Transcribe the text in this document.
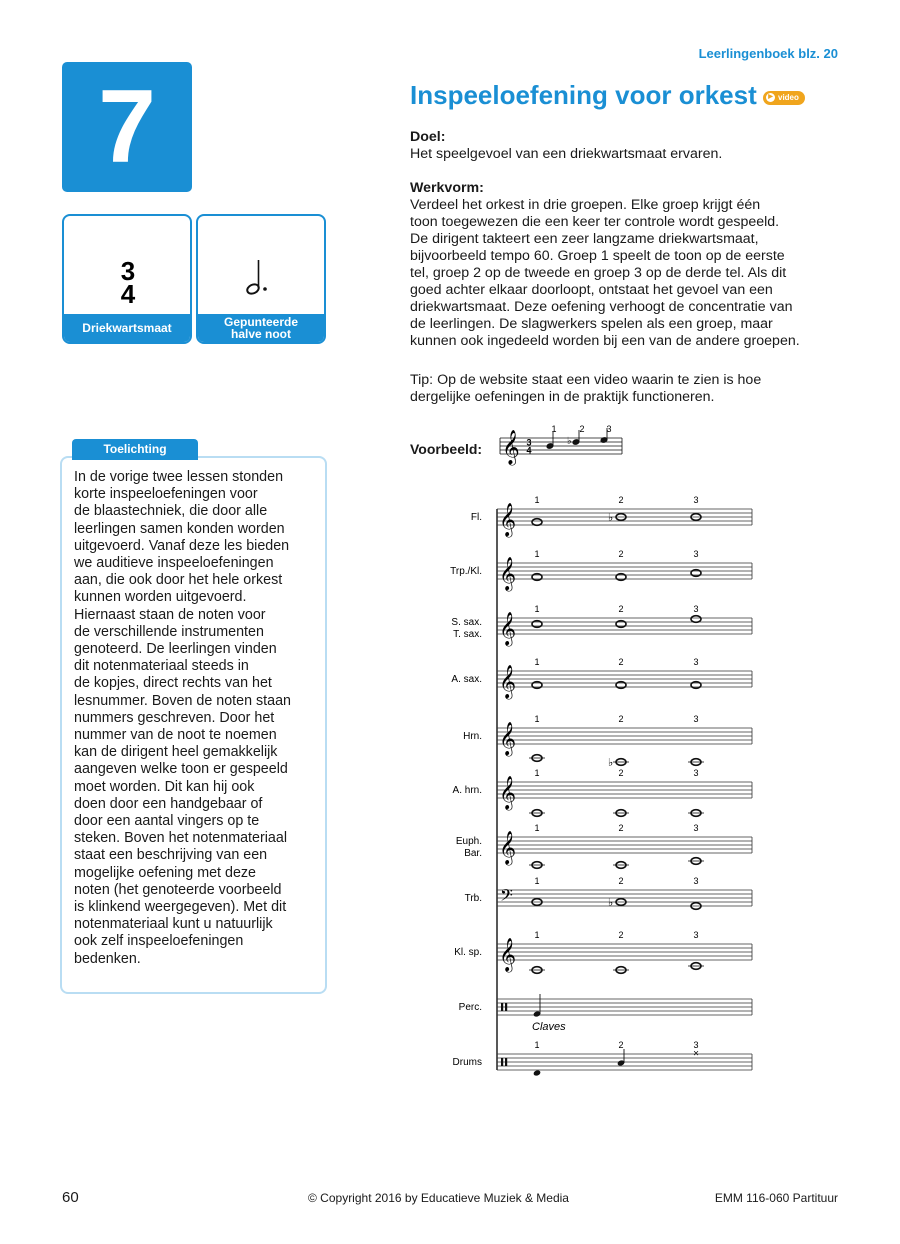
Leerlingenboek blz. 20
7
3
4
Driekwartsmaat	Gepunteerde
halve noot
Toelichting
In de vorige twee lessen stonden
korte inspeeloefeningen voor
de blaastechniek, die door alle
leerlingen samen konden worden
uitgevoerd. Vanaf deze les bieden
we auditieve inspeeloefeningen
aan, die ook door het hele orkest
kunnen worden uitgevoerd.
Hiernaast staan de noten voor
de verschillende instrumenten
genoteerd. De leerlingen vinden
dit notenmateriaal steeds in
de kopjes, direct rechts van het
lesnummer. Boven de noten staan
nummers geschreven. Door het
nummer van de noot te noemen
kan de dirigent heel gemakkelijk
aangeven welke toon er gespeeld
moet worden. Dit kan hij ook
doen door een handgebaar of
door een aantal vingers op te
steken. Boven het notenmateriaal
staat een beschrijving van een
mogelijke oefening met deze
noten (het genoteerde voorbeeld
is klinkend weergegeven). Met dit
notenmateriaal kunt u natuurlijk
ook zelf inspeeloefeningen
bedenken.
Inspeeloefening voor orkest	▶ video
Doel:
Het speelgevoel van een driekwartsmaat ervaren.
Werkvorm:
Verdeel het orkest in drie groepen. Elke groep krijgt één
toon toegewezen die een keer ter controle wordt gespeeld.
De dirigent takteert een zeer langzame driekwartsmaat,
bijvoorbeeld tempo 60. Groep 1 speelt de toon op de eerste
tel, groep 2 op de tweede en groep 3 op de derde tel. Als dit
goed achter elkaar doorloopt, ontstaat het gevoel van een
driekwartsmaat. Deze oefening verhoogt de concentratie van
de leerlingen. De slagwerkers spelen als een groep, maar
kunnen ook ingedeeld worden bij een van de andere groepen.
Tip: Op de website staat een video waarin te zien is hoe
dergelijke oefeningen in de praktijk functioneren.
Voorbeeld: 𝄞 3
4
1	2 3
♭
Fl. 𝄞
1	2	3
♭
Trp./Kl. 𝄞
1	2	3
S. sax.
T. sax. 𝄞
1	2	3
A. sax. 𝄞
1	2	3
Hrn. 𝄞
1	2	3
♭
A. hrn. 𝄞
1	2	3
Euph.
Bar. 𝄞
1	2	3
Trb. 𝄢
1	2	3
♭
Kl. sp. 𝄞
1	2	3
Perc.
Claves
Drums
1	2	3
×
60	© Copyright 2016 by Educatieve Muziek & Media	EMM 116-060 Partituur
